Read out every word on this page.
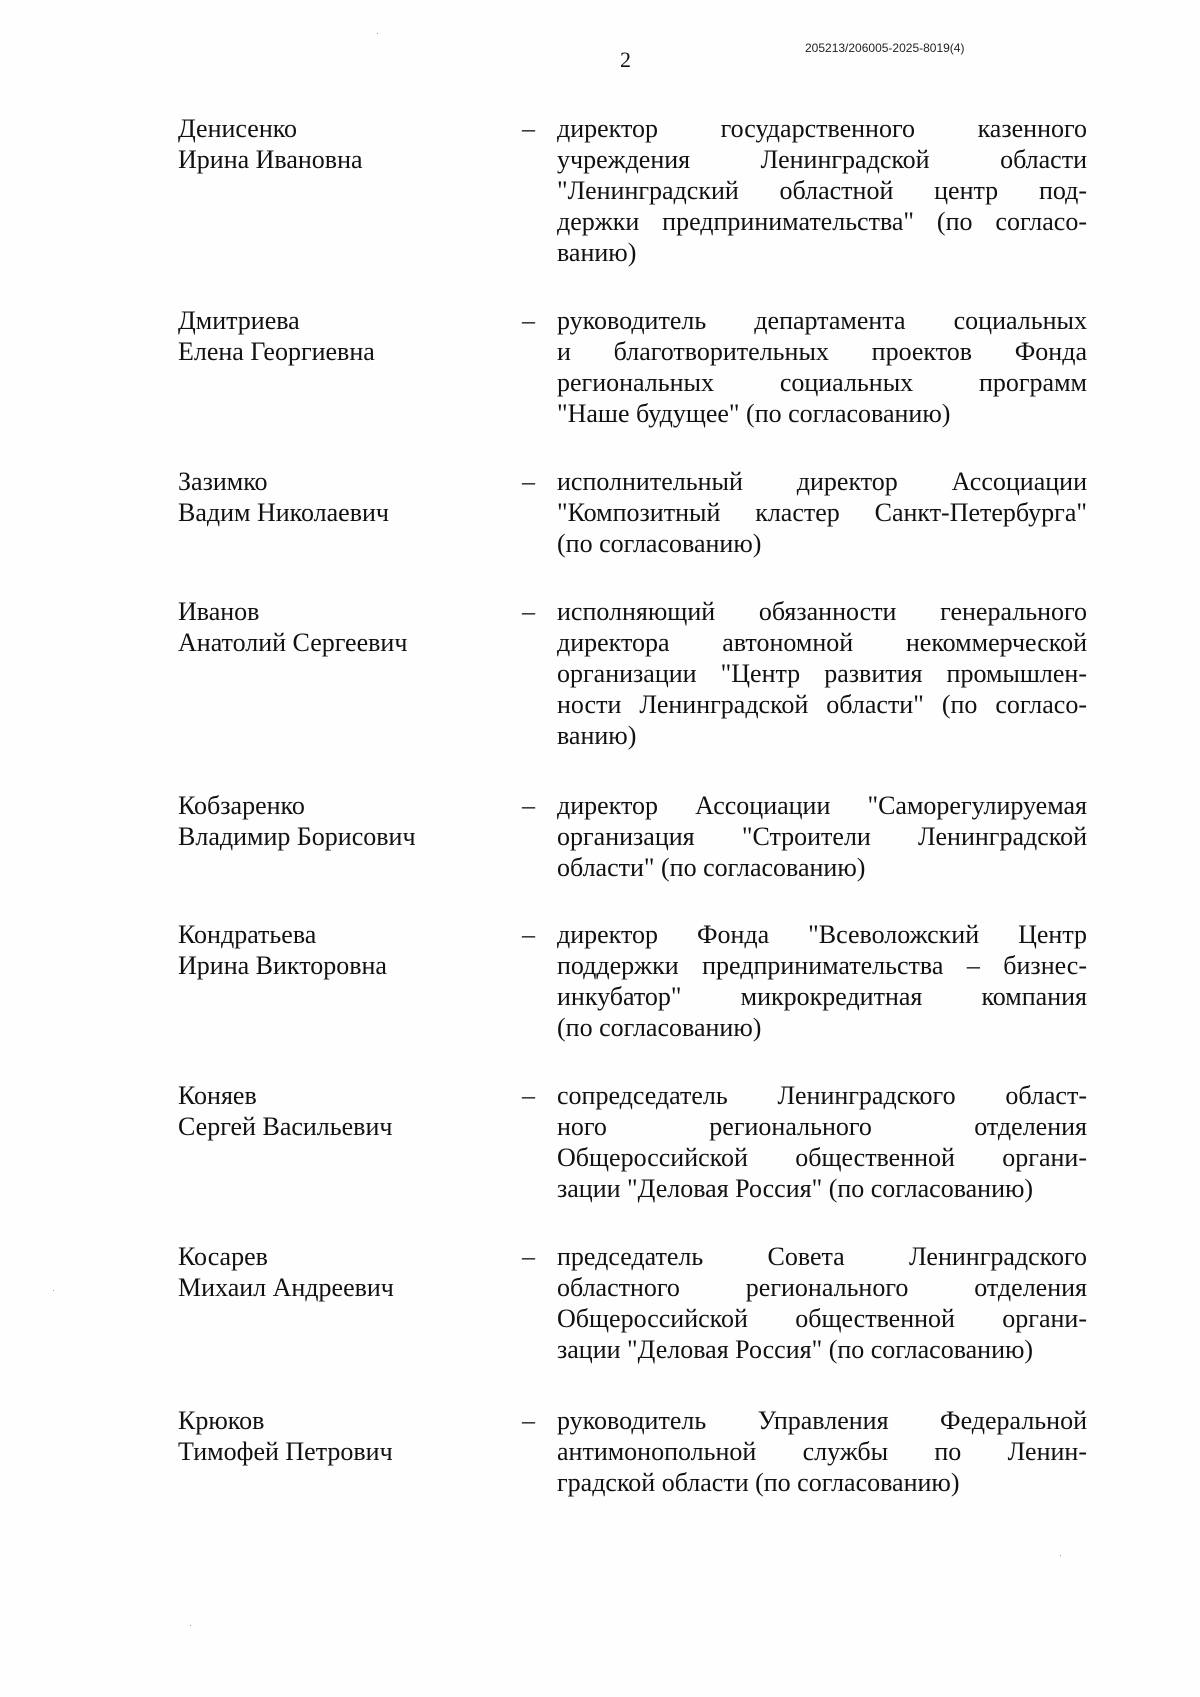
2	205213/206005-2025-8019(4)
Денисенко
Ирина Ивановна
– директор государственного казенного
учреждения Ленинградской области
"Ленинградский областной центр под-
держки предпринимательства" (по согласо-
ванию)
Дмитриева
Елена Георгиевна
– руководитель департамента социальных
и благотворительных проектов Фонда
региональных социальных программ
"Наше будущее" (по согласованию)
Зазимко
Вадим Николаевич
– исполнительный директор Ассоциации
"Композитный кластер Санкт-Петербурга"
(по согласованию)
Иванов
Анатолий Сергеевич
– исполняющий обязанности генерального
директора автономной некоммерческой
организации "Центр развития промышлен-
ности Ленинградской области" (по согласо-
ванию)
Кобзаренко
Владимир Борисович
– директор Ассоциации "Саморегулируемая
организация "Строители Ленинградской
области" (по согласованию)
Кондратьева
Ирина Викторовна
– директор Фонда "Всеволожский Центр
поддержки предпринимательства – бизнес-
инкубатор" микрокредитная компания
(по согласованию)
Коняев
Сергей Васильевич
– сопредседатель Ленинградского област-
ного регионального отделения
Общероссийской общественной органи-
зации "Деловая Россия" (по согласованию)
Косарев
Михаил Андреевич
– председатель Совета Ленинградского
областного регионального отделения
Общероссийской общественной органи-
зации "Деловая Россия" (по согласованию)
Крюков
Тимофей Петрович
– руководитель Управления Федеральной
антимонопольной службы по Ленин-
градской области (по согласованию)
